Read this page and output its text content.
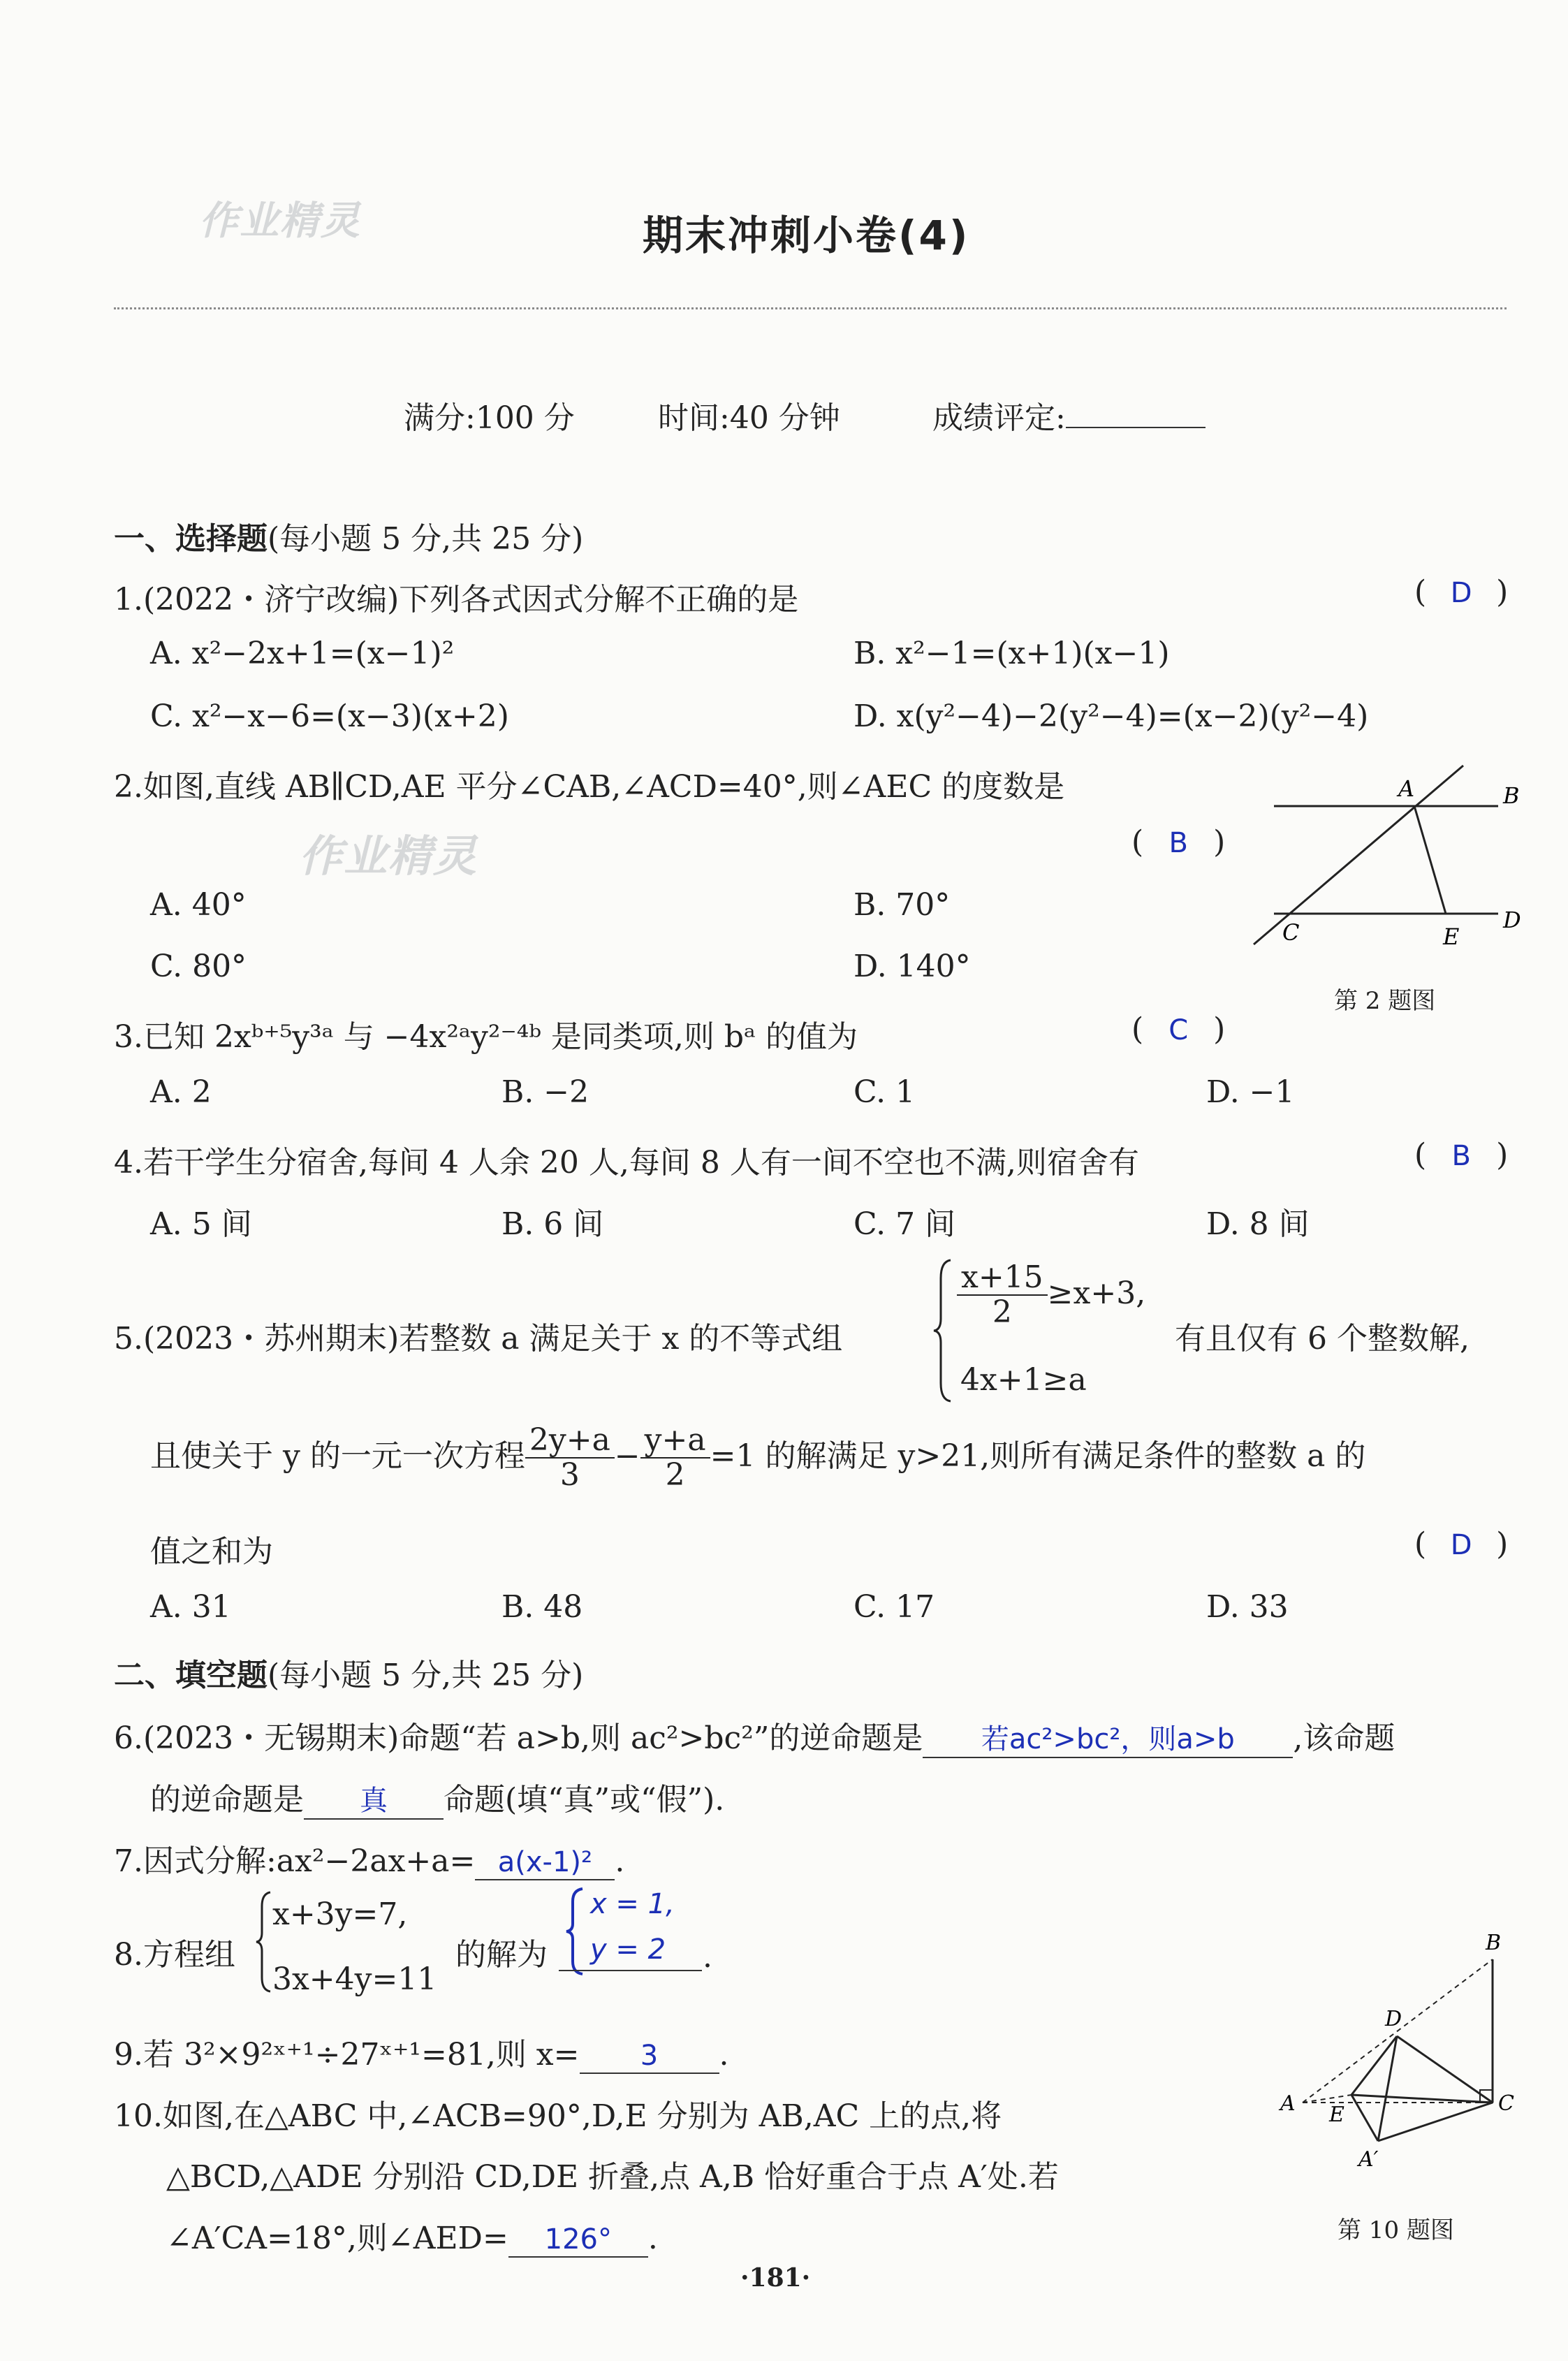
作业精灵
作业精灵
期末冲刺小卷(4)
满分:100 分	时间:40 分钟	成绩评定:
一、选择题(每小题 5 分,共 25 分)
1.(2022・济宁改编)下列各式因式分解不正确的是	( D )
A. x²−2x+1=(x−1)²	B. x²−1=(x+1)(x−1)
C. x²−x−6=(x−3)(x+2)	D. x(y²−4)−2(y²−4)=(x−2)(y²−4)
2.如图,直线 AB∥CD,AE 平分∠CAB,∠ACD=40°,则∠AEC 的度数是
( B )
A. 40°	B. 70°
C. 80°	D. 140°
A	B
C	E
D
第 2 题图
3.已知 2xᵇ⁺⁵y³ᵃ 与 −4x²ᵃy²⁻⁴ᵇ 是同类项,则 bᵃ 的值为	( C )
A. 2	B. −2	C. 1	D. −1
4.若干学生分宿舍,每间 4 人余 20 人,每间 8 人有一间不空也不满,则宿舍有	( B )
A. 5 间	B. 6 间	C. 7 间	D. 8 间
5.(2023・苏州期末)若整数 a 满足关于 x 的不等式组
$\frac{x+15}{2} \ge x+3$,
4x+1≥a
有且仅有 6 个整数解,
且使关于 y 的一元一次方程 $\frac{2y+a}{3} - \frac{y+a}{2} =1$ 的解满足 y>21,则所有满足条件的整数 a 的
值之和为	( D )
A. 31	B. 48	C. 17	D. 33
二、填空题(每小题 5 分,共 25 分)
6.(2023・无锡期末)命题“若 a>b,则 ac²>bc²”的逆命题是 若ac²>bc²，则a>b ,该命题
的逆命题是 真 命题(填“真”或“假”).
7.因式分解:ax²−2ax+a= a(x-1)² .
8.方程组
x+3y=7,
3x+4y=11
的解为
x = 1,
y = 2 .
9.若 3²×9²ˣ⁺¹÷27ˣ⁺¹=81,则 x= 3 .
10.如图,在△ABC 中,∠ACB=90°,D,E 分别为 AB,AC 上的点,将
△BCD,△ADE 分别沿 CD,DE 折叠,点 A,B 恰好重合于点 A′处.若
∠A′CA=18°,则∠AED= 126° .
B
D
A E	C
A′
第 10 题图
·181·
